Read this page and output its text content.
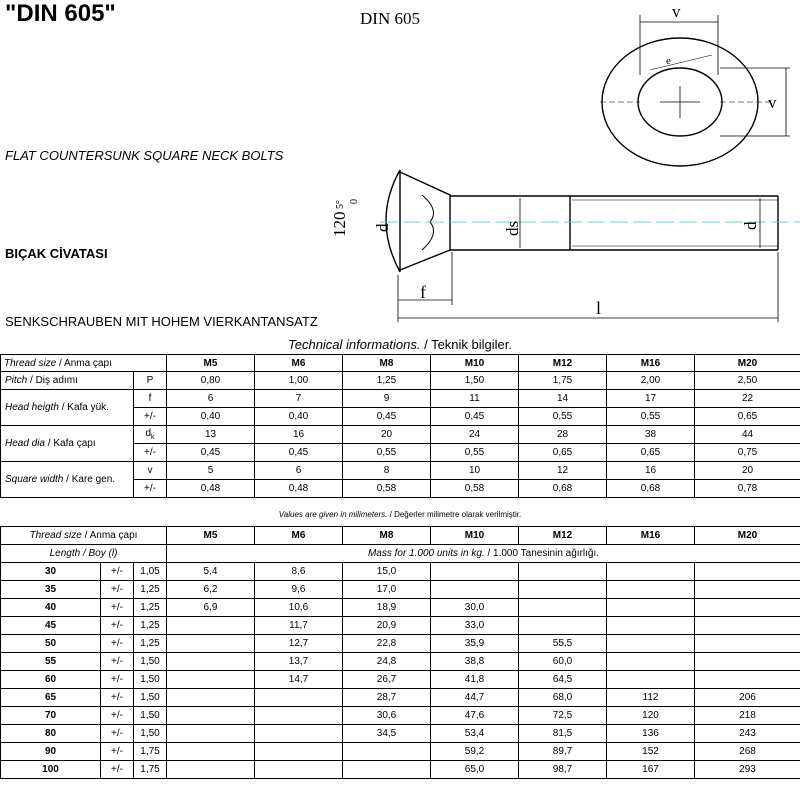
"DIN 605"	DIN 605
FLAT COUNTERSUNK SQUARE NECK BOLTS
BIÇAK CİVATASI
SENKSCHRAUBEN MIT HOHEM VIERKANTANSATZ
v
v
e
120
5° 0
d	ds	d
f
l
Technical informations. / Teknik bilgiler.
Thread size / Anma çapı		M5	M6	M8	M10	M12	M16	M20
Pitch / Diş adımı	P	0,80	1,00	1,25	1,50	1,75	2,00	2,50
Head heigth / Kafa yük.	f	6	7	9	11	14	17	22
	+/-	0,40	0,40	0,45	0,45	0,55	0,55	0,65
Head dia / Kafa çapı	$d_k$	13	16	20	24	28	38	44
	+/-	0,45	0,45	0,55	0,55	0,65	0,65	0,75
Square width / Kare gen.	v	5	6	8	10	12	16	20
	+/-	0,48	0,48	0,58	0,58	0,68	0,68	0,78
Values are given in milimeters. / Değerler milimetre olarak verilmiştir.
Thread size / Anma çapı			M5	M6	M8	M10	M12	M16	M20
Length / Boy (l)			Mass for 1.000 units in kg. / 1.000 Tanesinin ağırlığı.						
30	+/-	1,05	5,4	8,6	15,0				
35	+/-	1,25	6,2	9,6	17,0				
40	+/-	1,25	6,9	10,6	18,9	30,0			
45	+/-	1,25		11,7	20,9	33,0			
50	+/-	1,25		12,7	22,8	35,9	55,5		
55	+/-	1,50		13,7	24,8	38,8	60,0		
60	+/-	1,50		14,7	26,7	41,8	64,5		
65	+/-	1,50			28,7	44,7	68,0	112	206
70	+/-	1,50			30,6	47,6	72,5	120	218
80	+/-	1,50			34,5	53,4	81,5	136	243
90	+/-	1,75				59,2	89,7	152	268
100	+/-	1,75				65,0	98,7	167	293
